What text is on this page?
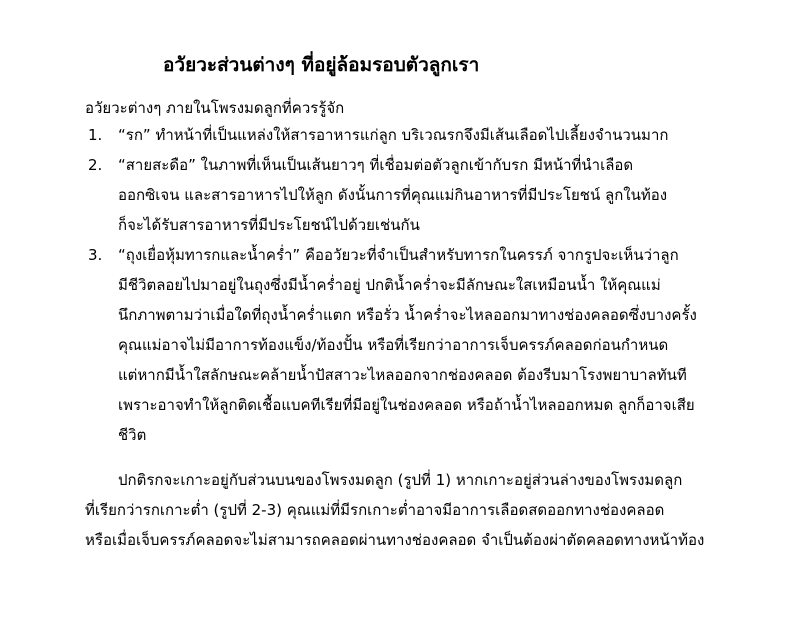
อวัยวะส่วนต่างๆ ที่อยู่ล้อมรอบตัวลูกเรา
อวัยวะต่างๆ ภายในโพรงมดลูกที่ควรรู้จัก
1. “รก” ทำหน้าที่เป็นแหล่งให้สารอาหารแก่ลูก บริเวณรกจึงมีเส้นเลือดไปเลี้ยงจำนวนมาก
2. “สายสะดือ” ในภาพที่เห็นเป็นเส้นยาวๆ ที่เชื่อมต่อตัวลูกเข้ากับรก มีหน้าที่นำเลือด
ออกซิเจน และสารอาหารไปให้ลูก ดังนั้นการที่คุณแม่กินอาหารที่มีประโยชน์ ลูกในท้อง
ก็จะได้รับสารอาหารที่มีประโยชน์ไปด้วยเช่นกัน
3. “ถุงเยื่อหุ้มทารกและน้ำคร่ำ” คืออวัยวะที่จำเป็นสำหรับทารกในครรภ์ จากรูปจะเห็นว่าลูก
มีชีวิตลอยไปมาอยู่ในถุงซึ่งมีน้ำคร่ำอยู่ ปกติน้ำคร่ำจะมีลักษณะใสเหมือนน้ำ ให้คุณแม่
นึกภาพตามว่าเมื่อใดที่ถุงน้ำคร่ำแตก หรือรั่ว น้ำคร่ำจะไหลออกมาทางช่องคลอดซึ่งบางครั้ง
คุณแม่อาจไม่มีอาการท้องแข็ง/ท้องปั้น หรือที่เรียกว่าอาการเจ็บครรภ์คลอดก่อนกำหนด
แต่หากมีน้ำใสลักษณะคล้ายน้ำปัสสาวะไหลออกจากช่องคลอด ต้องรีบมาโรงพยาบาลทันที
เพราะอาจทำให้ลูกติดเชื้อแบคทีเรียที่มีอยู่ในช่องคลอด หรือถ้าน้ำไหลออกหมด ลูกก็อาจเสีย
ชีวิต
ปกติรกจะเกาะอยู่กับส่วนบนของโพรงมดลูก (รูปที่ 1) หากเกาะอยู่ส่วนล่างของโพรงมดลูก
ที่เรียกว่ารกเกาะต่ำ (รูปที่ 2-3) คุณแม่ที่มีรกเกาะต่ำอาจมีอาการเลือดสดออกทางช่องคลอด
หรือเมื่อเจ็บครรภ์คลอดจะไม่สามารถคลอดผ่านทางช่องคลอด จำเป็นต้องผ่าตัดคลอดทางหน้าท้อง
